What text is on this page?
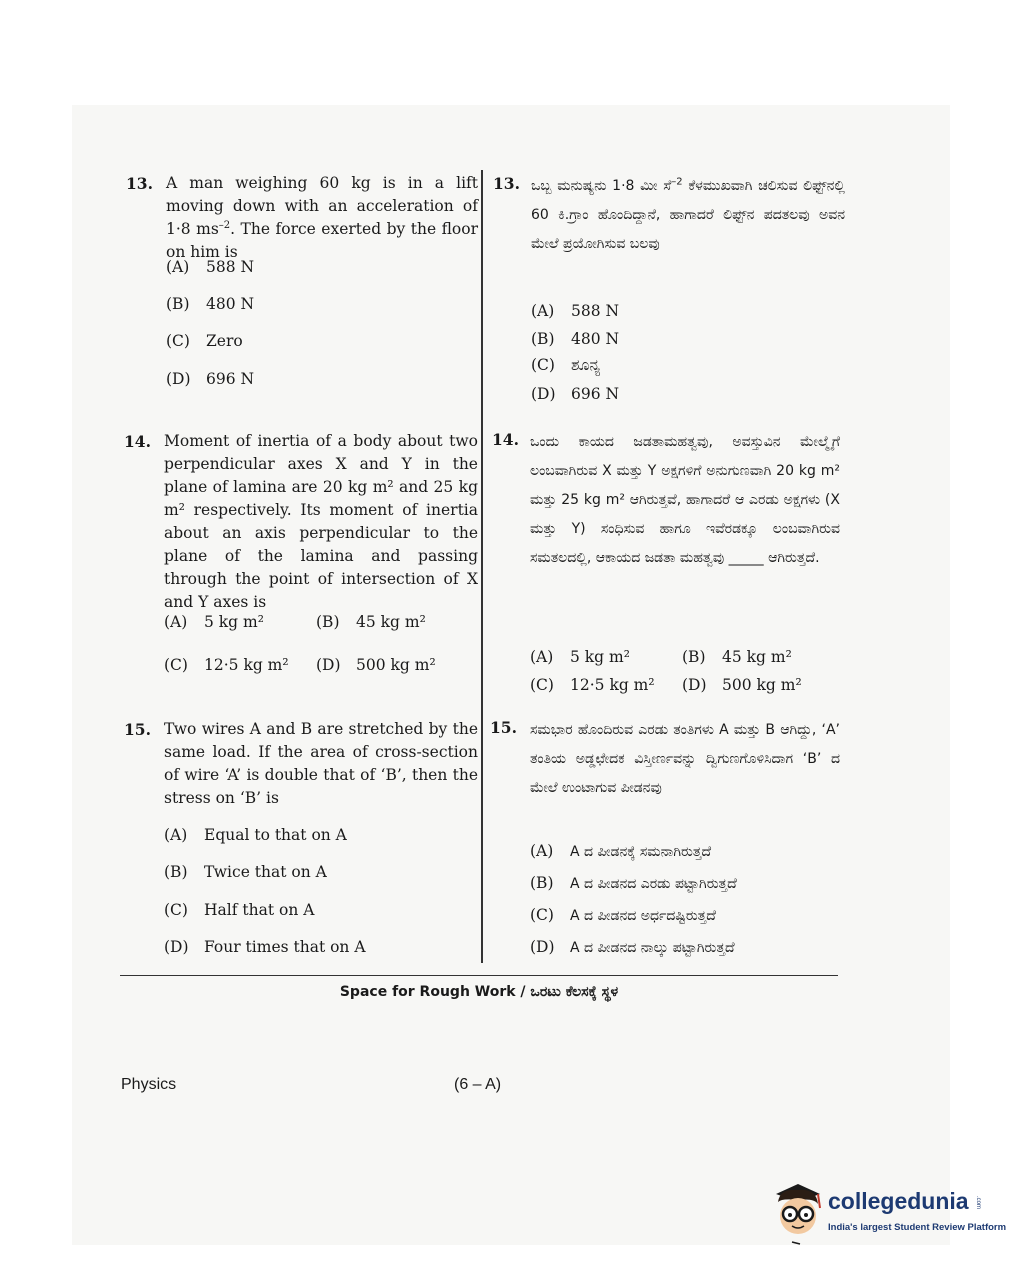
13. A man weighing 60 kg is in a lift moving down with an acceleration of 1·8 $ms^{-2}$. The force exerted by the floor on him is
(A) 588 N
(B) 480 N
(C) Zero
(D) 696 N
13. ಒಬ್ಬ ಮನುಷ್ಯನು 1·8 ಮೀ ಸೆ$^{-2}$ ಕೆಳಮುಖವಾಗಿ ಚಲಿಸುವ ಲಿಫ್ಟ್‌ನಲ್ಲಿ 60 ಕಿ.ಗ್ರಾಂ ಹೊಂದಿದ್ದಾನೆ, ಹಾಗಾದರೆ ಲಿಫ್ಟ್‌ನ ಪದತಲವು ಅವನ ಮೇಲೆ ಪ್ರಯೋಗಿಸುವ ಬಲವು
(A) 588 N
(B) 480 N
(C) ಶೂನ್ಯ
(D) 696 N
14. Moment of inertia of a body about two perpendicular axes X and Y in the plane of lamina are 20 kg m² and 25 kg m² respectively. Its moment of inertia about an axis perpendicular to the plane of the lamina and passing through the point of intersection of X and Y axes is
(A) 5 kg m²	(B) 45 kg m²
(C) 12·5 kg m² (D) 500 kg m²
14. ಒಂದು ಕಾಯದ ಜಡತಾಮಹತ್ವವು, ಅವಸ್ತುವಿನ ಮೇಲ್ಮೈಗೆ ಲಂಬವಾಗಿರುವ X ಮತ್ತು Y ಅಕ್ಷಗಳಿಗೆ ಅನುಗುಣವಾಗಿ 20 kg m² ಮತ್ತು 25 kg m² ಆಗಿರುತ್ತವೆ, ಹಾಗಾದರೆ ಆ ಎರಡು ಅಕ್ಷಗಳು (X ಮತ್ತು Y) ಸಂಧಿಸುವ ಹಾಗೂ ಇವೆರಡಕ್ಕೂ ಲಂಬವಾಗಿರುವ ಸಮತಲದಲ್ಲಿ, ಆಕಾಯದ ಜಡತಾ ಮಹತ್ವವು _____ ಆಗಿರುತ್ತದೆ.
(A) 5 kg m²	(B) 45 kg m²
(C) 12·5 kg m² (D) 500 kg m²
15. Two wires A and B are stretched by the same load. If the area of cross-section of wire ‘A’ is double that of ‘B’, then the stress on ‘B’ is
(A) Equal to that on A
(B) Twice that on A
(C) Half that on A
(D) Four times that on A
15. ಸಮಭಾರ ಹೊಂದಿರುವ ಎರಡು ತಂತಿಗಳು A ಮತ್ತು B ಆಗಿದ್ದು, ‘A’ ತಂತಿಯ ಅಡ್ಡಛೇದಕ ವಿಸ್ತೀರ್ಣವನ್ನು ದ್ವಿಗುಣಗೊಳಿಸಿದಾಗ ‘B’ ದ ಮೇಲೆ ಉಂಟಾಗುವ ಪೀಡನವು
(A) A ದ ಪೀಡನಕ್ಕೆ ಸಮನಾಗಿರುತ್ತದೆ
(B) A ದ ಪೀಡನದ ಎರಡು ಪಟ್ಟಾಗಿರುತ್ತದೆ
(C) A ದ ಪೀಡನದ ಅರ್ಧದಷ್ಟಿರುತ್ತದೆ
(D) A ದ ಪೀಡನದ ನಾಲ್ಕು ಪಟ್ಟಾಗಿರುತ್ತದೆ
Space for Rough Work / ಒರಟು ಕೆಲಸಕ್ಕೆ ಸ್ಥಳ
Physics	(6 – A)
collegedunia .com
India's largest Student Review Platform
